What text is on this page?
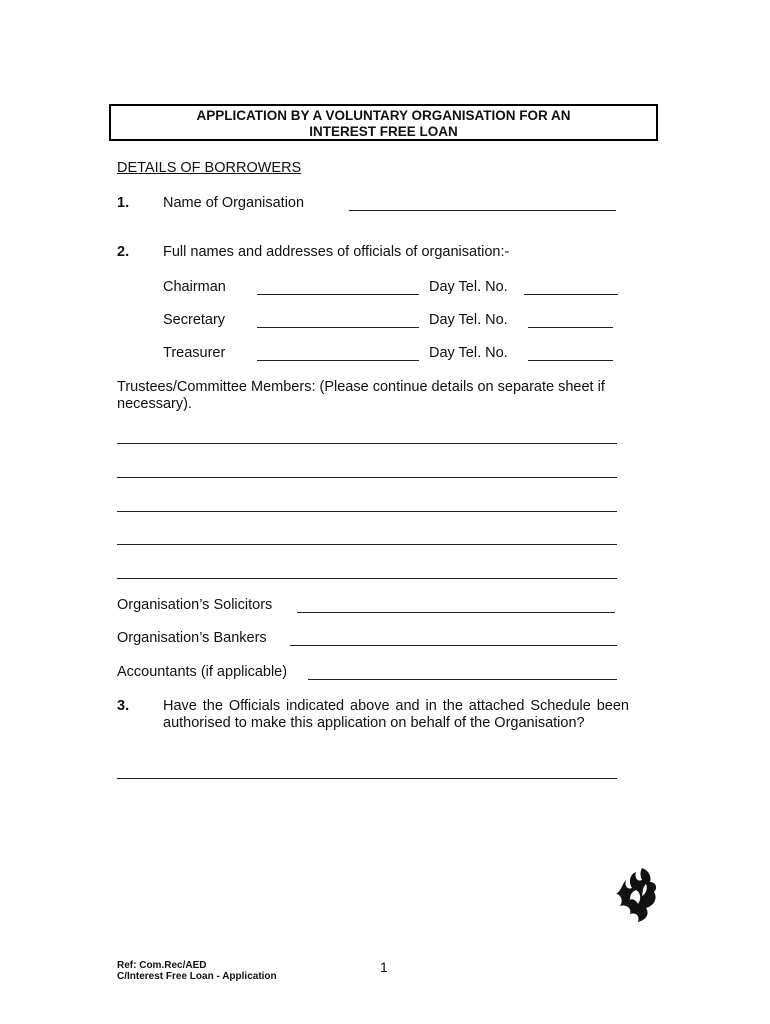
APPLICATION BY A VOLUNTARY ORGANISATION FOR AN
INTEREST FREE LOAN
DETAILS OF BORROWERS
1. Name of Organisation
2. Full names and addresses of officials of organisation:-
Chairman	Day Tel. No.
Secretary	Day Tel. No.
Treasurer	Day Tel. No.
Trustees/Committee Members: (Please continue details on separate sheet if necessary).
Organisation’s Solicitors
Organisation’s Bankers
Accountants (if applicable)
3. Have the Officials indicated above and in the attached Schedule been authorised to make this application on behalf of the Organisation?
Ref: Com.Rec/AED
C/Interest Free Loan - Application
1
